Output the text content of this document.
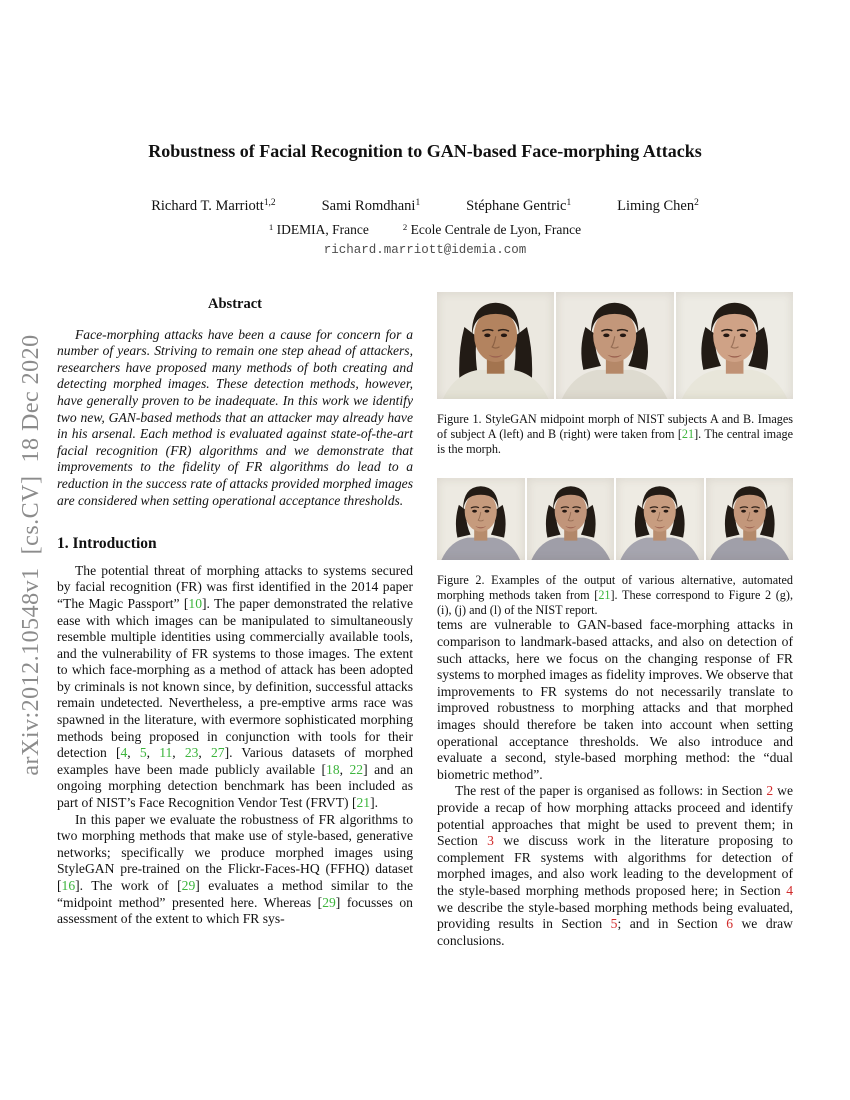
arXiv:2012.10548v1  [cs.CV]  18 Dec 2020
Robustness of Facial Recognition to GAN-based Face-morphing Attacks
Richard T. Marriott$^{1,2}$	Sami Romdhani$^1$	Stéphane Gentric$^1$	Liming Chen$^2$
$^1$ IDEMIA, France	$^2$ Ecole Centrale de Lyon, France
richard.marriott@idemia.com
Abstract

Face-morphing attacks have been a cause for concern for a number of years. Striving to remain one step ahead of attackers, researchers have proposed many methods of both creating and detecting morphed images. These detection methods, however, have generally proven to be inadequate. In this work we identify two new, GAN-based methods that an attacker may already have in his arsenal. Each method is evaluated against state-of-the-art facial recognition (FR) algorithms and we demonstrate that improvements to the fidelity of FR algorithms do lead to a reduction in the success rate of attacks provided morphed images are considered when setting operational acceptance thresholds.

1. Introduction

The potential threat of morphing attacks to systems secured by facial recognition (FR) was first identified in the 2014 paper “The Magic Passport” [10]. The paper demonstrated the relative ease with which images can be manipulated to simultaneously resemble multiple identities using commercially available tools, and the vulnerability of FR systems to those images. The extent to which face-morphing as a method of attack has been adopted by criminals is not known since, by definition, successful attacks remain undetected. Nevertheless, a pre-emptive arms race was spawned in the literature, with evermore sophisticated morphing methods being proposed in conjunction with tools for their detection [4, 5, 11, 23, 27]. Various datasets of morphed examples have been made publicly available [18, 22] and an ongoing morphing detection benchmark has been included as part of NIST’s Face Recognition Vendor Test (FRVT) [21].

In this paper we evaluate the robustness of FR algorithms to two morphing methods that make use of style-based, generative networks; specifically we produce morphed images using StyleGAN pre-trained on the Flickr-Faces-HQ (FFHQ) dataset [16]. The work of [29] evaluates a method similar to the “midpoint method” presented here. Whereas [29] focusses on assessment of the extent to which FR sys-

Figure 1. StyleGAN midpoint morph of NIST subjects A and B. Images of subject A (left) and B (right) were taken from [21]. The central image is the morph.

Figure 2. Examples of the output of various alternative, automated morphing methods taken from [21]. These correspond to Figure 2 (g), (i), (j) and (l) of the NIST report.

tems are vulnerable to GAN-based face-morphing attacks in comparison to landmark-based attacks, and also on detection of such attacks, here we focus on the changing response of FR systems to morphed images as fidelity improves. We observe that improvements to FR systems do not necessarily translate to improved robustness to morphing attacks and that morphed images should therefore be taken into account when setting operational acceptance thresholds. We also introduce and evaluate a second, style-based morphing method: the “dual biometric method”.

The rest of the paper is organised as follows: in Section 2 we provide a recap of how morphing attacks proceed and identify potential approaches that might be used to prevent them; in Section 3 we discuss work in the literature proposing to complement FR systems with algorithms for detection of morphed images, and also work leading to the development of the style-based morphing methods proposed here; in Section 4 we describe the style-based morphing methods being evaluated, providing results in Section 5; and in Section 6 we draw conclusions.
